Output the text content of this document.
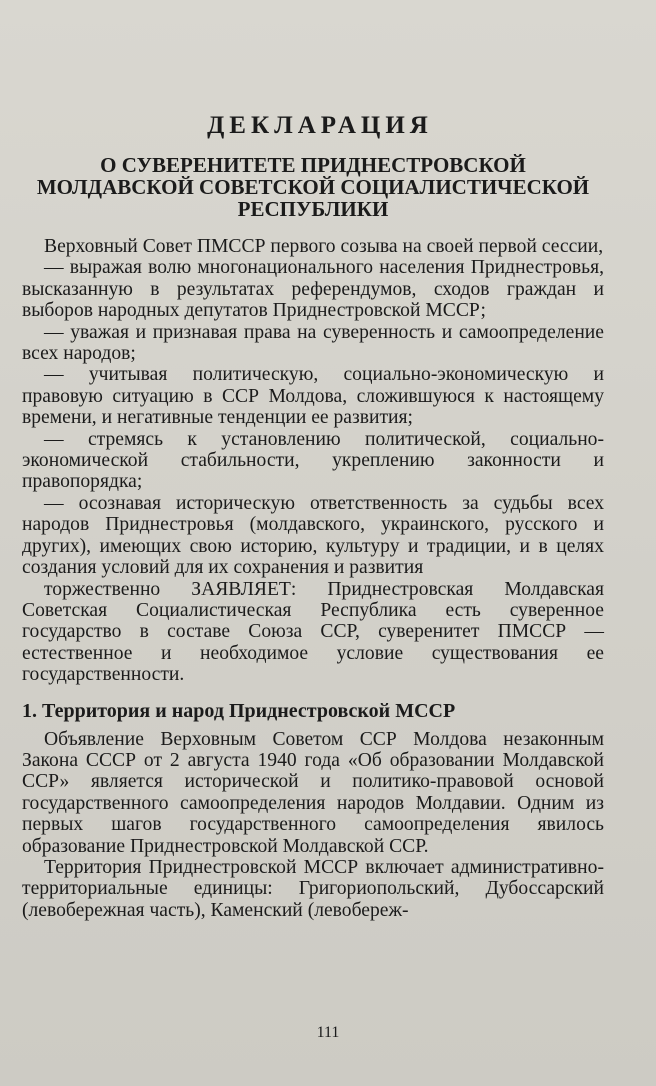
ДЕКЛАРАЦИЯ
О СУВЕРЕНИТЕТЕ ПРИДНЕСТРОВСКОЙ
МОЛДАВСКОЙ СОВЕТСКОЙ СОЦИАЛИСТИЧЕСКОЙ
РЕСПУБЛИКИ

Верховный Совет ПМССР первого созыва на своей первой сессии,

— выражая волю многонационального населения Приднестровья, высказанную в результатах референдумов, сходов граждан и выборов народных депутатов Приднестровской МССР;

— уважая и признавая права на суверенность и самоопределение всех народов;

— учитывая политическую, социально-экономическую и правовую ситуацию в ССР Молдова, сложившуюся к настоящему времени, и негативные тенденции ее развития;

— стремясь к установлению политической, социально-экономической стабильности, укреплению законности и правопорядка;

— осознавая историческую ответственность за судьбы всех народов Приднестровья (молдавского, украинского, русского и других), имеющих свою историю, культуру и традиции, и в целях создания условий для их сохранения и развития

торжественно ЗАЯВЛЯЕТ: Приднестровская Молдавская Советская Социалистическая Республика есть суверенное государство в составе Союза ССР, суверенитет ПМССР — естественное и необходимое условие существования ее государственности.

1. Территория и народ Приднестровской МССР

Объявление Верховным Советом ССР Молдова незаконным Закона СССР от 2 августа 1940 года «Об образовании Молдавской ССР» является исторической и политико-правовой основой государственного самоопределения народов Молдавии. Одним из первых шагов государственного самоопределения явилось образование Приднестровской Молдавской ССР.

Территория Приднестровской МССР включает административно-территориальные единицы: Григориопольский, Дубоссарский (левобережная часть), Каменский (левобереж-

111
